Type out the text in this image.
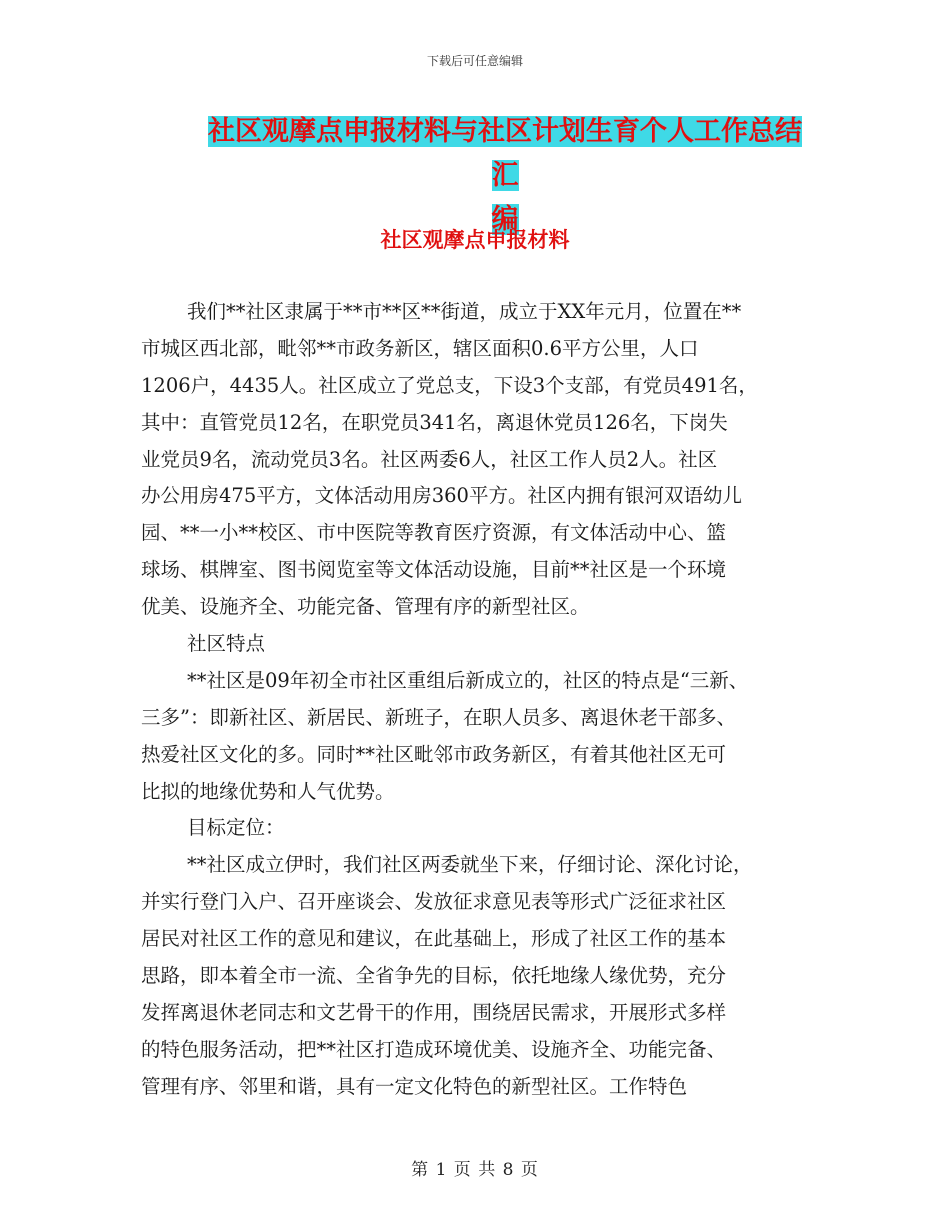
下载后可任意编辑
社区观摩点申报材料与社区计划生育个人工作总结汇
编
社区观摩点申报材料
我们**社区隶属于**市**区**街道，成立于XX年元月，位置在**
市城区西北部，毗邻**市政务新区，辖区面积0.6平方公里，人口
1206户，4435人。社区成立了党总支，下设3个支部，有党员491名，
其中：直管党员12名，在职党员341名，离退休党员126名，下岗失
业党员9名，流动党员3名。社区两委6人，社区工作人员2人。社区
办公用房475平方，文体活动用房360平方。社区内拥有银河双语幼儿
园、**一小**校区、市中医院等教育医疗资源，有文体活动中心、篮
球场、棋牌室、图书阅览室等文体活动设施，目前**社区是一个环境
优美、设施齐全、功能完备、管理有序的新型社区。
社区特点
**社区是09年初全市社区重组后新成立的，社区的特点是“三新、
三多”：即新社区、新居民、新班子，在职人员多、离退休老干部多、
热爱社区文化的多。同时**社区毗邻市政务新区，有着其他社区无可
比拟的地缘优势和人气优势。
目标定位：
**社区成立伊时，我们社区两委就坐下来，仔细讨论、深化讨论，
并实行登门入户、召开座谈会、发放征求意见表等形式广泛征求社区
居民对社区工作的意见和建议，在此基础上，形成了社区工作的基本
思路，即本着全市一流、全省争先的目标，依托地缘人缘优势，充分
发挥离退休老同志和文艺骨干的作用，围绕居民需求，开展形式多样
的特色服务活动，把**社区打造成环境优美、设施齐全、功能完备、
管理有序、邻里和谐，具有一定文化特色的新型社区。工作特色
第 1 页 共 8 页
